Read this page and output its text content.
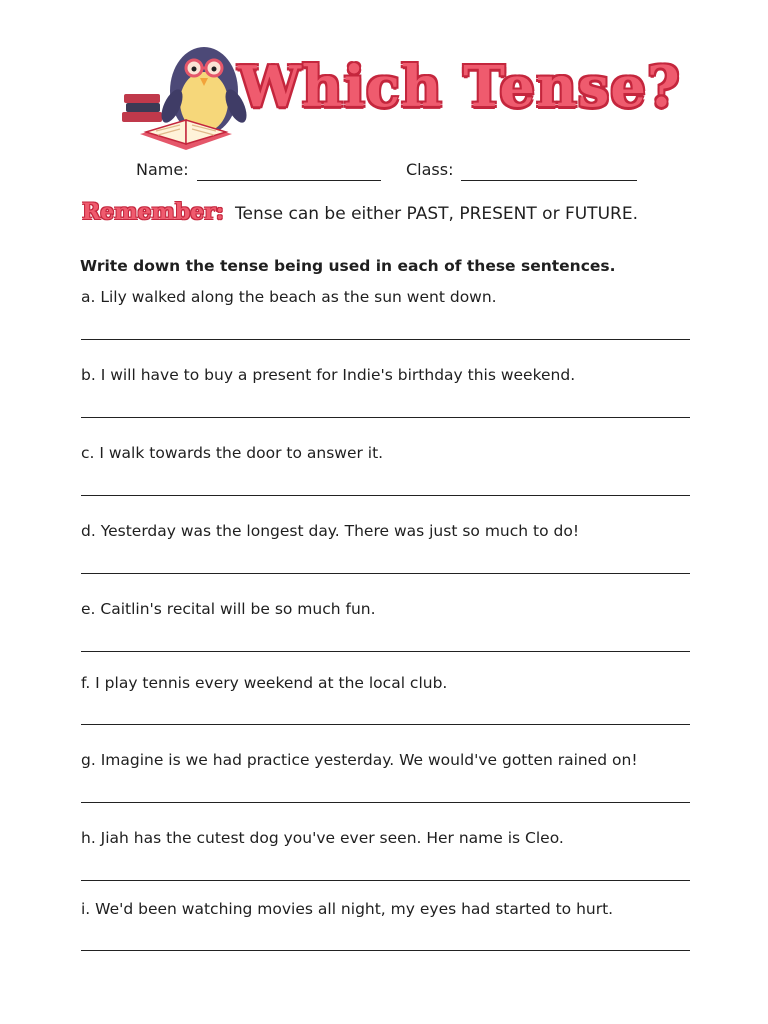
Which Tense?
Name:	Class:
Remember: Tense can be either PAST, PRESENT or FUTURE.
Write down the tense being used in each of these sentences.
a. Lily walked along the beach as the sun went down.
b. I will have to buy a present for Indie's birthday this weekend.
c. I walk towards the door to answer it.
d. Yesterday was the longest day. There was just so much to do!
e. Caitlin's recital will be so much fun.
f. I play tennis every weekend at the local club.
g. Imagine is we had practice yesterday. We would've gotten rained on!
h. Jiah has the cutest dog you've ever seen. Her name is Cleo.
i. We'd been watching movies all night, my eyes had started to hurt.
